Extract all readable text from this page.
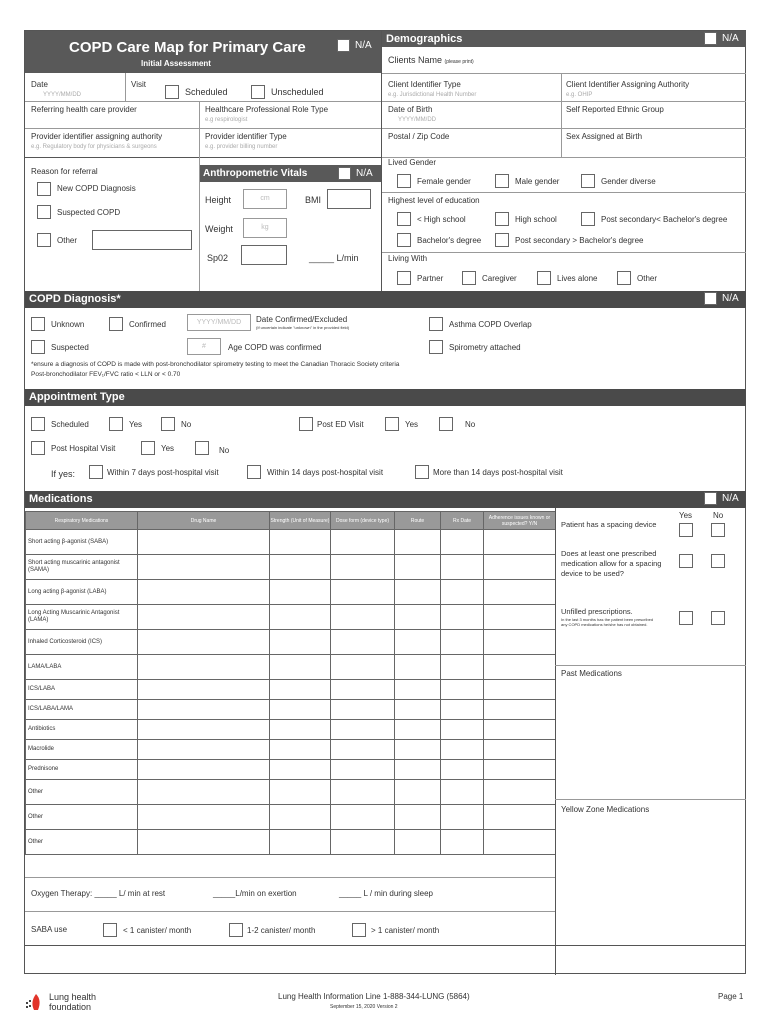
COPD Care Map for Primary Care
Initial Assessment
N/A
Demographics	N/A
Date
YYYY/MM/DD
Visit
Scheduled	Unscheduled
Referring health care provider	Healthcare Professional Role Type
e.g respirologist
Provider identifier assigning authority
e.g. Regulatory body for physicians & surgeons
Provider identifier Type
e.g. provider billing number
Reason for referral
New COPD Diagnosis
Suspected COPD
Other
Anthropometric Vitals	N/A
Height	cm	BMI
Weight	kg
Sp02	_____ L/min
Clients Name (please print)
Client Identifier Type
e.g. Jurisdictional Health Number
Client Identifier Assigning Authority
e.g. OHIP
Date of Birth
YYYY/MM/DD
Self Reported Ethnic Group
Postal / Zip Code	Sex Assigned at Birth
Lived Gender
Female gender	Male gender	Gender diverse
Highest level of education
< High school	High school	Post secondary< Bachelor's degree
Bachelor's degree	Post secondary > Bachelor's degree
Living With
Partner	Caregiver	Lives alone	Other
COPD Diagnosis*	N/A
Unknown	Confirmed	YYYY/MM/DD	Date Confirmed/Excluded
(If uncertain indicate "unknown" in the provided field)	Asthma COPD Overlap
Suspected	#	Age COPD was confirmed	Spirometry attached
*ensure a diagnosis of COPD is made with post-bronchodilator spirometry testing to meet the Canadian Thoracic Society criteria
Post-bronchodilator FEV₁/FVC ratio < LLN or < 0.70
Appointment Type
Scheduled	Yes	No	Post ED Visit	Yes	No
Post Hospital Visit	Yes	No
If yes:	Within 7 days post-hospital visit	Within 14 days post-hospital visit	More than 14 days post-hospital visit
Medications	N/A
Respiratory Medications	Drug Name	Strength (Unit of Measure)	Dose form (device type)	Route	Rx Date	Adherence issues known or suspected? Y/N
Short acting β-agonist (SABA)						
Short acting muscarinic antagonist (SAMA)						
Long acting β-agonist (LABA)						
Long Acting Muscarinic Antagonist (LAMA)						
Inhaled Corticosteroid (ICS)						
LAMA/LABA						
ICS/LABA						
ICS/LABA/LAMA						
Antibiotics						
Macrolide						
Prednisone						
Other						
Other						
Other						
Yes	No
Patient has a spacing device
Does at least one prescribed medication allow for a spacing device to be used?
Unfilled prescriptions.
In the last 3 months has the patient been prescribed any COPD medications he/she has not obtained.
Past Medications
Yellow Zone Medications
Oxygen Therapy: _____ L/ min at rest	_____L/min on exertion	_____ L / min during sleep
SABA use	< 1 canister/ month	1-2 canister/ month	> 1 canister/ month
Lung health foundation
Lung Health Information Line 1-888-344-LUNG (5864)
September 15, 2020 Version 2
Page 1
